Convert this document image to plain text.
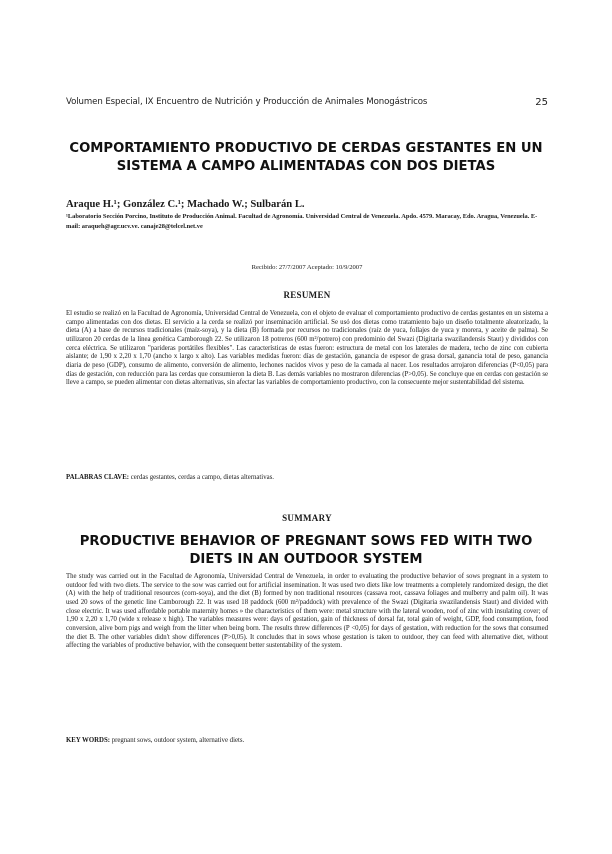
Volumen Especial, IX Encuentro de Nutrición y Producción de Animales Monogástricos	25
COMPORTAMIENTO PRODUCTIVO DE CERDAS GESTANTES EN UN SISTEMA A CAMPO ALIMENTADAS CON DOS DIETAS
Araque H.¹; González C.¹; Machado W.; Sulbarán L.
¹Laboratorio Sección Porcino, Instituto de Producción Animal. Facultad de Agronomía. Universidad Central de Venezuela. Apdo. 4579. Maracay, Edo. Aragua, Venezuela. E-mail: araqueh@agr.ucv.ve. canaje28@telcel.net.ve
Recibido: 27/7/2007 Aceptado: 10/9/2007
RESUMEN
El estudio se realizó en la Facultad de Agronomía, Universidad Central de Venezuela, con el objeto de evaluar el comportamiento productivo de cerdas gestantes en un sistema a campo alimentadas con dos dietas. El servicio a la cerda se realizó por inseminación artificial. Se usó dos dietas como tratamiento bajo un diseño totalmente aleatorizado, la dieta (A) a base de recursos tradicionales (maíz-soya), y la dieta (B) formada por recursos no tradicionales (raíz de yuca, follajes de yuca y morera, y aceite de palma). Se utilizaron 20 cerdas de la línea genética Camborough 22. Se utilizaron 18 potreros (600 m²/potrero) con predominio del Swazi (Digitaria swazilandensis Staut) y divididos con cerca eléctrica. Se utilizaron "parideras portátiles flexibles". Las características de estas fueron: estructura de metal con los laterales de madera, techo de zinc con cubierta aislante; de 1,90 x 2,20 x 1,70 (ancho x largo x alto). Las variables medidas fueron: días de gestación, ganancia de espesor de grasa dorsal, ganancia total de peso, ganancia diaria de peso (GDP), consumo de alimento, conversión de alimento, lechones nacidos vivos y peso de la camada al nacer. Los resultados arrojaron diferencias (P<0,05) para días de gestación, con reducción para las cerdas que consumieron la dieta B. Las demás variables no mostraron diferencias (P>0,05). Se concluye que en cerdas con gestación se lleve a campo, se pueden alimentar con dietas alternativas, sin afectar las variables de comportamiento productivo, con la consecuente mejor sustentabilidad del sistema.
PALABRAS CLAVE: cerdas gestantes, cerdas a campo, dietas alternativas.
SUMMARY
PRODUCTIVE BEHAVIOR OF PREGNANT SOWS FED WITH TWO DIETS IN AN OUTDOOR SYSTEM
The study was carried out in the Facultad de Agronomía, Universidad Central de Venezuela, in order to evaluating the productive behavior of sows pregnant in a system to outdoor fed with two diets. The service to the sow was carried out for artificial insemination. It was used two diets like low treatments a completely randomized design, the diet (A) with the help of traditional resources (corn-soya), and the diet (B) formed by non traditional resources (cassava root, cassava foliages and mulberry and palm oil). It was used 20 sows of the genetic line Camborough 22. It was used 18 paddock (600 m²/paddock) with prevalence of the Swazi (Digitaria swazilandensis Staut) and divided with close electric. It was used affordable portable maternity homes » the characteristics of them were: metal structure with the lateral wooden, roof of zinc with insulating cover; of 1,90 x 2,20 x 1,70 (wide x release x high). The variables measures were: days of gestation, gain of thickness of dorsal fat, total gain of weight, GDP, food consumption, food conversion, alive born pigs and weigh from the litter when being born. The results threw differences (P <0,05) for days of gestation, with reduction for the sows that consumed the diet B. The other variables didn't show differences (P>0,05). It concludes that in sows whose gestation is taken to outdoor, they can feed with alternative diet, without affecting the variables of productive behavior, with the consequent better sustentability of the system.
KEY WORDS: pregnant sows, outdoor system, alternative diets.
